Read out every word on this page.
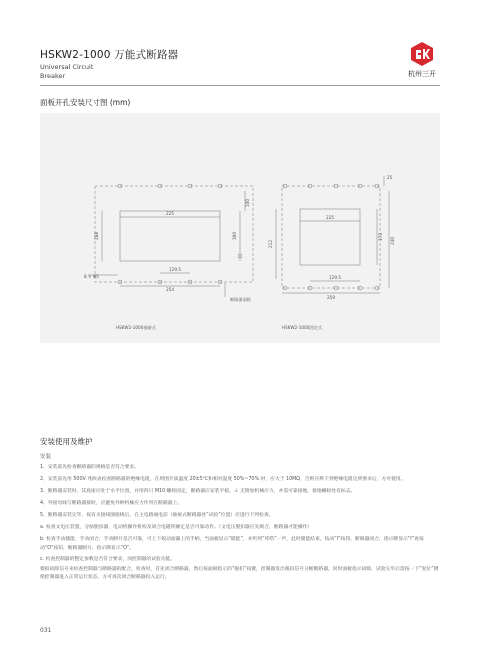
HSKW2-1000 万能式断路器
Universal Circuit
Breaker	杭州三开
面板开孔安装尺寸图 (mm)
225
288
100
300
129.5
254
8 × Φ5
断路器面板
HSKW2-1000抽屉式
25
225
173
212	240
129.5
259
HSKW2-1000固定式
安装使用及维护
安装
1、安装前先检查断路器的规格是否符合要求。
2、安装前先用 500V 兆欧表检查断路器的绝缘电阻，在周围介质温度 20±5℃和相对湿度 50%~70% 时，应大于 10MΩ，否则应烘干到绝缘电阻达到要求后，方可使用。
3、断路器安装时，其底座应处于水平位置，并用四只 M10 螺栓固定，断路器应安装平稳。⏚ 无附加机械应力，并需可靠接地，接地螺栓处有标志。
4、外接母线与断路器接时，应避免外种机械应力作用在断路器上。
5、断路器安装完毕，按有关接线图接线后，在主电路通电前（抽屉式断路器处“试验”位置）应进行下列检查。
a. 检查文电压装置，分励脱扣器，电动机操作机构及闭合电磁铁额定是否可靠动作。（文电压脱扣器应先吸合，断路器才能操作）
b. 检查手动储能，手动闭合，手动断开是否可靠，可上下扳动面漏上的手柄，当面板显示“储能”，并听到“咔嗒”一声，此时储能结束。按动“I”按钮，断路器闭合，指示牌显示“I”再按动“O”按钮，断路器断开，指示牌显示“O”。
c. 检查控制器的整定参数是否符合要求，而控制器的试验功能。
模拟故障信号来检查控制器与断路器的配合，检查时，首先闭合断路器，然后按面板指示的“脱扣”按键，控制器发出脱扣信号分断断路器，同时面板指示故障，试验完毕后需按一下“复位”键使控制器进入正常运行状态，方可再次闭合断路器投入运行。
031
